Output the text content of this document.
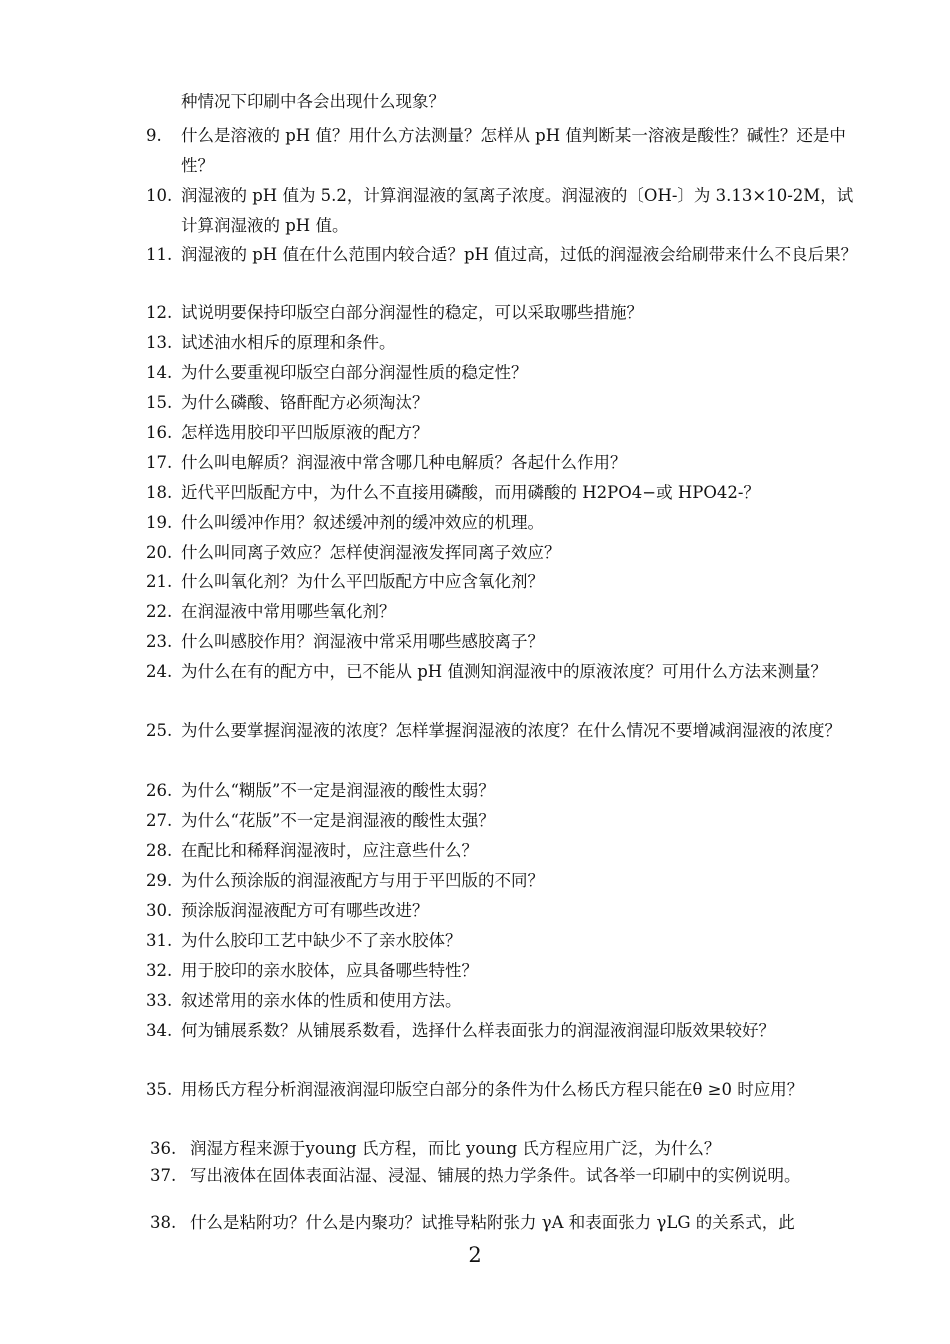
种情况下印刷中各会出现什么现象？
9. 什么是溶液的 pH 值？用什么方法测量？怎样从 pH 值判断某一溶液是酸性？碱性？还是中性？
10. 润湿液的 pH 值为 5.2，计算润湿液的氢离子浓度。润湿液的〔OH-〕为 3.13×10-2M，试计算润湿液的 pH 值。
11. 润湿液的 pH 值在什么范围内较合适？pH 值过高，过低的润湿液会给刷带来什么不良后果？
12. 试说明要保持印版空白部分润湿性的稳定，可以采取哪些措施？
13. 试述油水相斥的原理和条件。
14. 为什么要重视印版空白部分润湿性质的稳定性？
15. 为什么磷酸、铬酐配方必须淘汰？
16. 怎样选用胶印平凹版原液的配方？
17. 什么叫电解质？润湿液中常含哪几种电解质？各起什么作用？
18. 近代平凹版配方中，为什么不直接用磷酸，而用磷酸的 H2PO4−或 HPO42-？
19. 什么叫缓冲作用？叙述缓冲剂的缓冲效应的机理。
20. 什么叫同离子效应？怎样使润湿液发挥同离子效应？
21. 什么叫氧化剂？为什么平凹版配方中应含氧化剂？
22. 在润湿液中常用哪些氧化剂？
23. 什么叫感胶作用？润湿液中常采用哪些感胶离子？
24. 为什么在有的配方中，已不能从 pH 值测知润湿液中的原液浓度？可用什么方法来测量？
25. 为什么要掌握润湿液的浓度？怎样掌握润湿液的浓度？在什么情况不要增减润湿液的浓度？
26. 为什么“糊版”不一定是润湿液的酸性太弱？
27. 为什么“花版”不一定是润湿液的酸性太强？
28. 在配比和稀释润湿液时，应注意些什么？
29. 为什么预涂版的润湿液配方与用于平凹版的不同？
30. 预涂版润湿液配方可有哪些改进？
31. 为什么胶印工艺中缺少不了亲水胶体？
32. 用于胶印的亲水胶体，应具备哪些特性？
33. 叙述常用的亲水体的性质和使用方法。
34. 何为铺展系数？从铺展系数看，选择什么样表面张力的润湿液润湿印版效果较好？
35. 用杨氏方程分析润湿液润湿印版空白部分的条件为什么杨氏方程只能在θ ≥0 时应用？
36. 润湿方程来源于young 氏方程，而比 young 氏方程应用广泛，为什么？
37. 写出液体在固体表面沾湿、浸湿、铺展的热力学条件。试各举一印刷中的实例说明。
38. 什么是粘附功？什么是内聚功？试推导粘附张力 γA 和表面张力 γLG 的关系式，此
2
